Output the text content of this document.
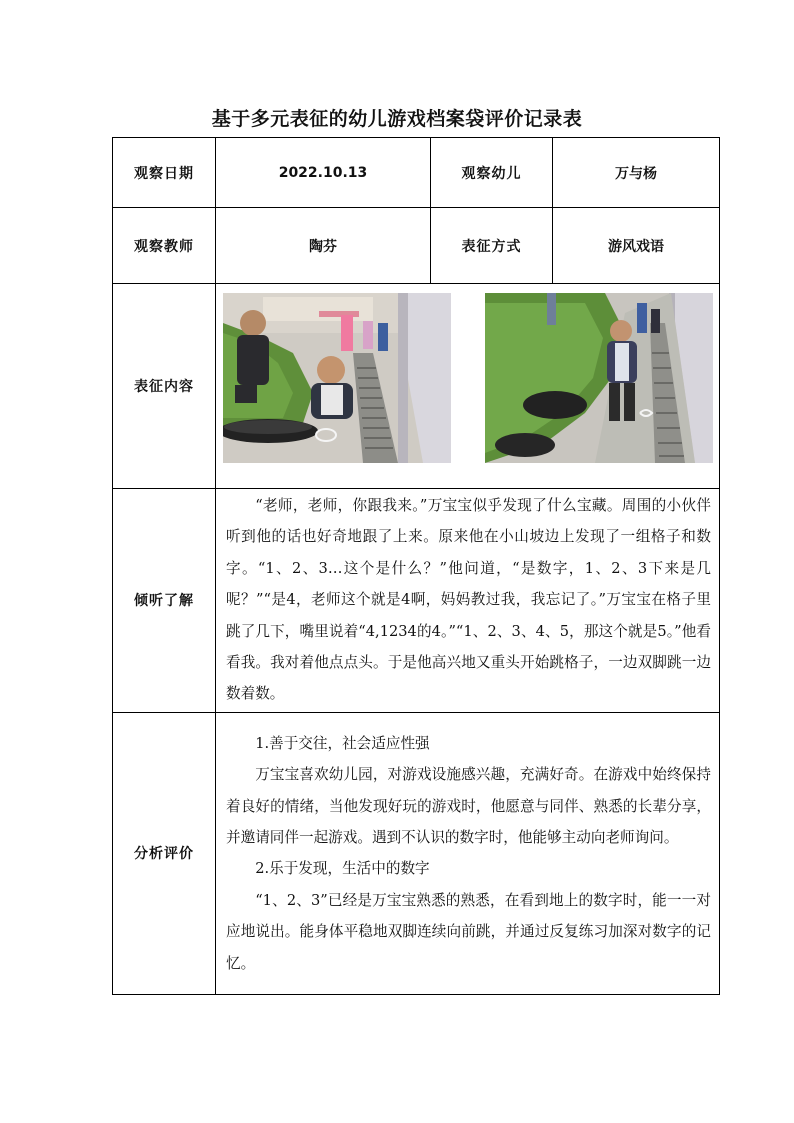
基于多元表征的幼儿游戏档案袋评价记录表
观察日期	2022.10.13	观察幼儿	万与杨
观察教师	陶芬	表征方式	游风戏语
表征内容	

倾听了解	“老师，老师，你跟我来。”万宝宝似乎发现了什么宝藏。周围的小伙伴听到他的话也好奇地跟了上来。原来他在小山坡边上发现了一组格子和数字。“1、2、3…这个是什么？”他问道，“是数字，1、2、3下来是几呢？”“是4，老师这个就是4啊，妈妈教过我，我忘记了。”万宝宝在格子里跳了几下，嘴里说着“4,1234的4。”“1、2、3、4、5，那这个就是5。”他看看我。我对着他点点头。于是他高兴地又重头开始跳格子，一边双脚跳一边数着数。		

分析评价	1.善于交往，社会适应性强
万宝宝喜欢幼儿园，对游戏设施感兴趣，充满好奇。在游戏中始终保持着良好的情绪，当他发现好玩的游戏时，他愿意与同伴、熟悉的长辈分享，并邀请同伴一起游戏。遇到不认识的数字时，他能够主动向老师询问。
2.乐于发现，生活中的数字
“1、2、3”已经是万宝宝熟悉的熟悉，在看到地上的数字时，能一一对应地说出。能身体平稳地双脚连续向前跳，并通过反复练习加深对数字的记忆。		
